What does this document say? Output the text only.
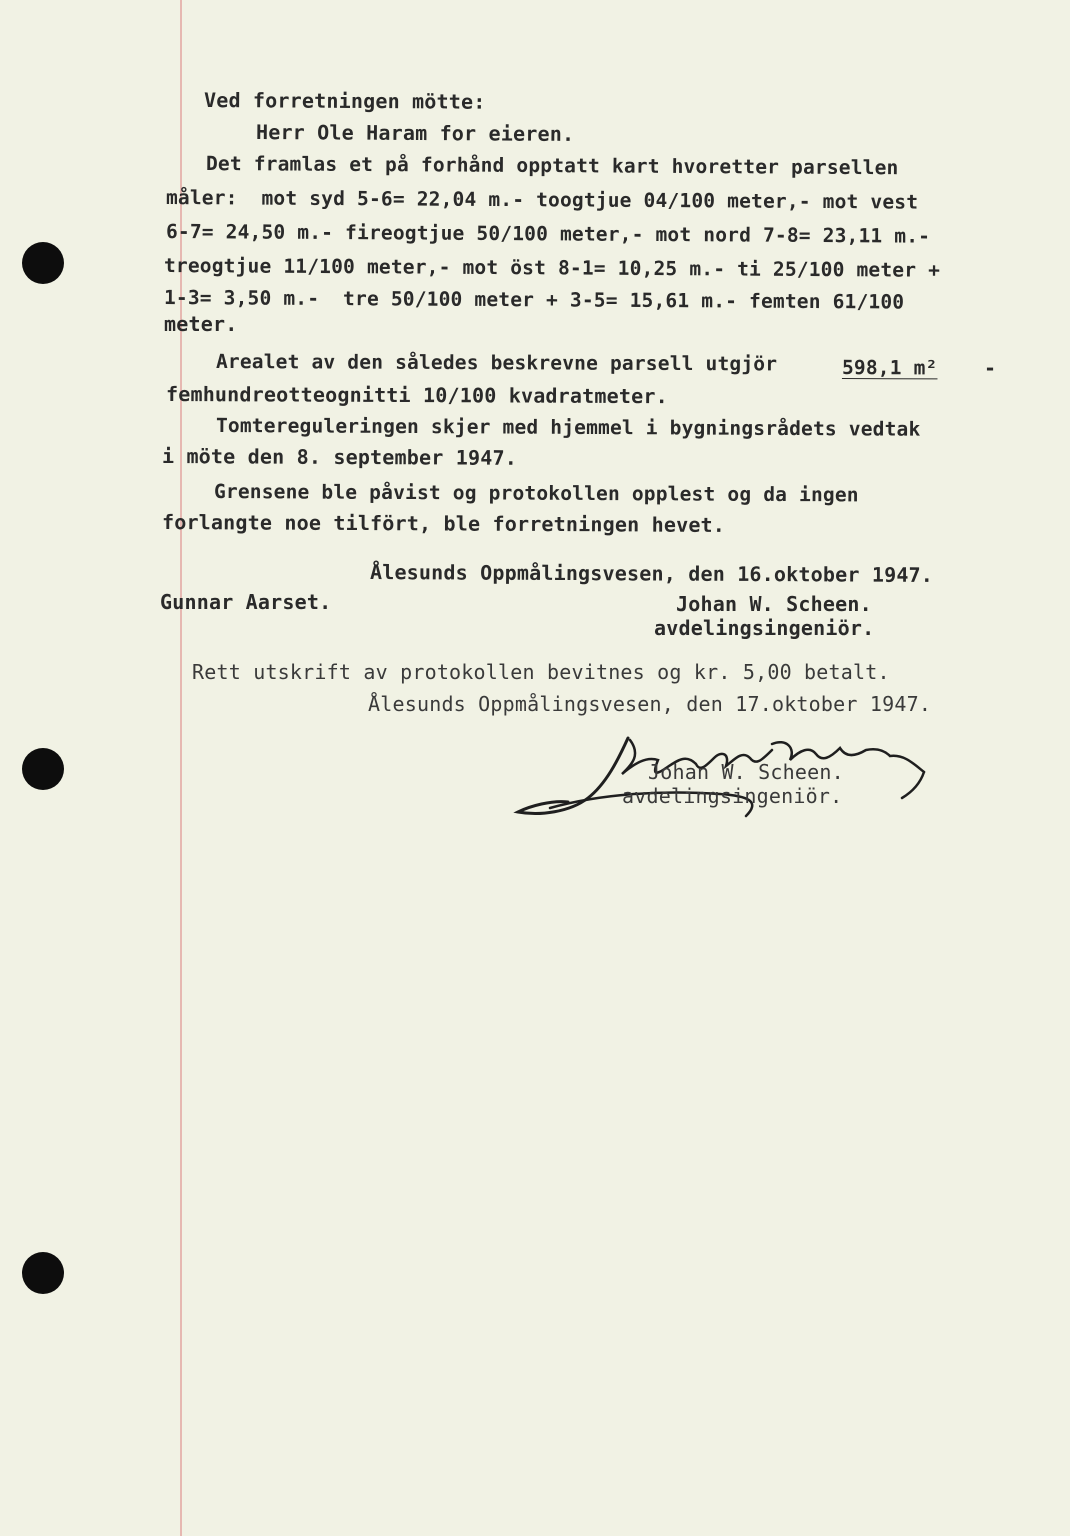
Ved forretningen mötte:
Herr Ole Haram for eieren.
Det framlas et på forhånd opptatt kart hvoretter parsellen
måler:  mot syd 5-6= 22,04 m.- toogtjue 04/100 meter,- mot vest
6-7= 24,50 m.- fireogtjue 50/100 meter,- mot nord 7-8= 23,11 m.-
treogtjue 11/100 meter,- mot öst 8-1= 10,25 m.- ti 25/100 meter +
1-3= 3,50 m.-  tre 50/100 meter + 3-5= 15,61 m.- femten 61/100
meter.
Arealet av den således beskrevne parsell utgjör	598,1 m² -
femhundreotteognitti 10/100 kvadratmeter.
Tomtereguleringen skjer med hjemmel i bygningsrådets vedtak
i möte den 8. september 1947.
Grensene ble påvist og protokollen opplest og da ingen
forlangte noe tilfört, ble forretningen hevet.
Ålesunds Oppmålingsvesen, den 16.oktober 1947.
Gunnar Aarset.	Johan W. Scheen.
avdelingsingeniör.
Rett utskrift av protokollen bevitnes og kr. 5,00 betalt.
Ålesunds Oppmålingsvesen, den 17.oktober 1947.
Johan W. Scheen.
avdelingsingeniör.
